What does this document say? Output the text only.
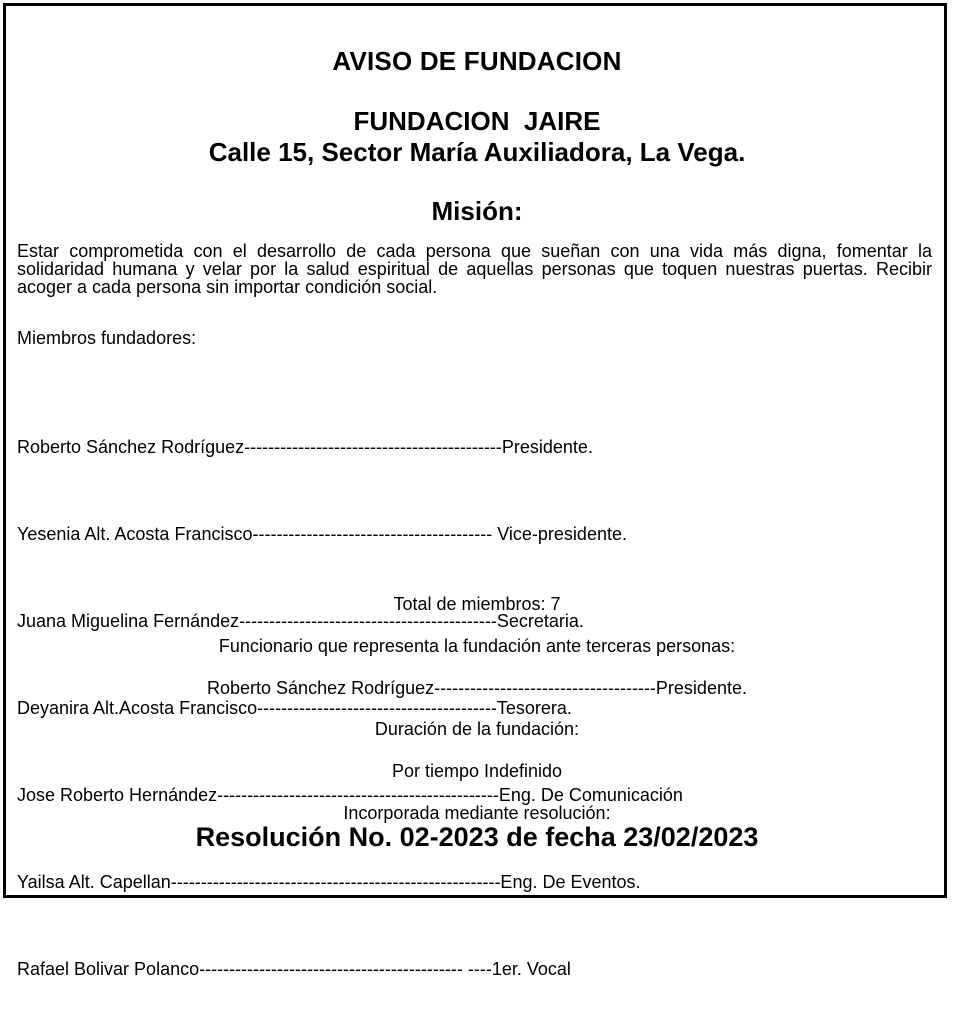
AVISO DE FUNDACION
FUNDACION  JAIRE
Calle 15, Sector María Auxiliadora, La Vega.
Misión:
Estar comprometida con el desarrollo de cada persona que sueñan con una vida más digna, fomentar la solidaridad humana y velar por la salud espiritual de aquellas personas que toquen nuestras puertas. Recibir acoger a cada persona sin importar condición social.
Miembros fundadores:

Roberto Sánchez Rodríguez-------------------------------------------Presidente.

Yesenia Alt. Acosta Francisco---------------------------------------- Vice-presidente.

Juana Miguelina Fernández-------------------------------------------Secretaria.

Deyanira Alt.Acosta Francisco----------------------------------------Tesorera.

Jose Roberto Hernández-----------------------------------------------Eng. De Comunicación

Yailsa Alt. Capellan-------------------------------------------------------Eng. De Eventos.

Rafael Bolivar Polanco-------------------------------------------- ----1er. Vocal

Total de miembros: 7
Funcionario que representa la fundación ante terceras personas:
Roberto Sánchez Rodríguez-------------------------------------Presidente.
Duración de la fundación:
Por tiempo Indefinido
Incorporada mediante resolución:
Resolución No. 02-2023 de fecha 23/02/2023
